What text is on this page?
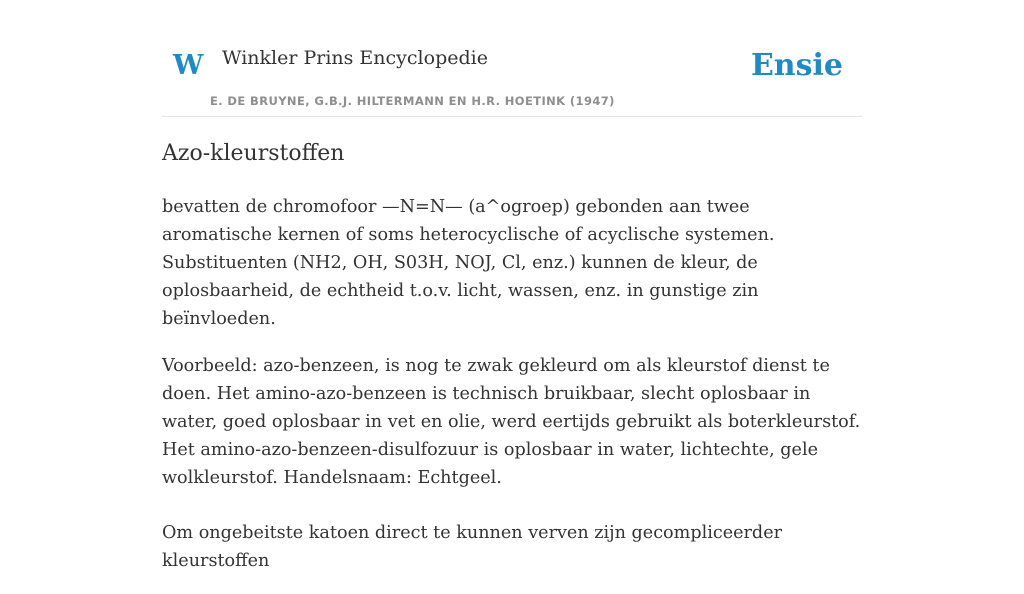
W Winkler Prins Encyclopedie
E. DE BRUYNE, G.B.J. HILTERMANN EN H.R. HOETINK (1947)
Ensie
Azo-kleurstoffen

bevatten de chromofoor —N=N— (a^ogroep) gebonden aan twee aromatische kernen of soms heterocyclische of acyclische systemen. Substituenten (NH2, OH, S03H, NOJ, Cl, enz.) kunnen de kleur, de oplosbaarheid, de echtheid t.o.v. licht, wassen, enz. in gunstige zin beïnvloeden.

Voorbeeld: azo-benzeen, is nog te zwak gekleurd om als kleurstof dienst te doen. Het amino-azo-benzeen is technisch bruikbaar, slecht oplosbaar in water, goed oplosbaar in vet en olie, werd eertijds gebruikt als boterkleurstof. Het amino-azo-benzeen-disulfozuur is oplosbaar in water, lichtechte, gele wolkleurstof. Handelsnaam: Echtgeel.

Om ongebeitste katoen direct te kunnen verven zijn gecompliceerder kleurstoffen
